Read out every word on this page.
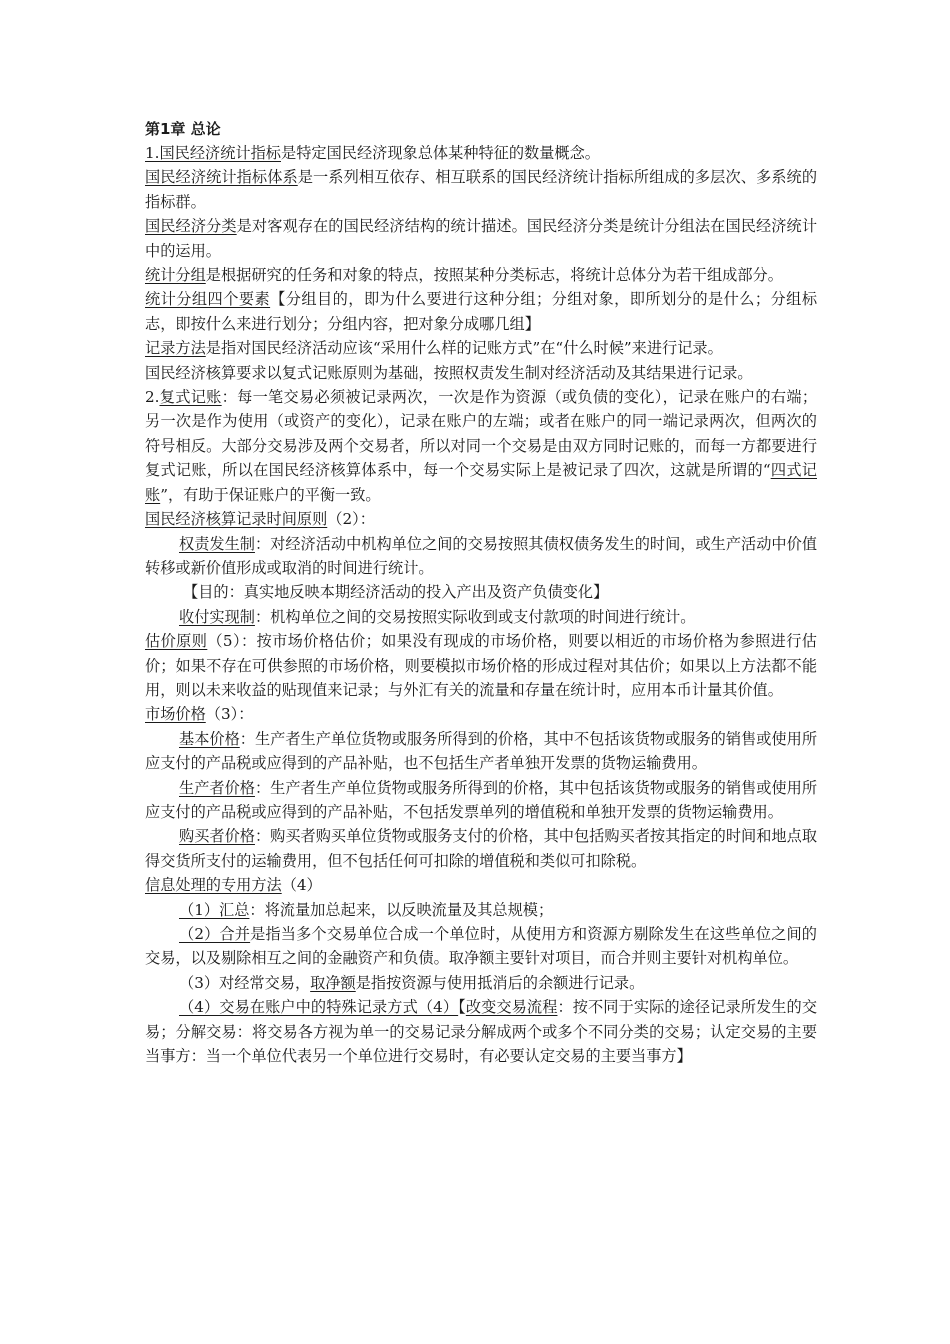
第1章 总论

1.国民经济统计指标是特定国民经济现象总体某种特征的数量概念。

国民经济统计指标体系是一系列相互依存、相互联系的国民经济统计指标所组成的多层次、多系统的指标群。

国民经济分类是对客观存在的国民经济结构的统计描述。国民经济分类是统计分组法在国民经济统计中的运用。

统计分组是根据研究的任务和对象的特点，按照某种分类标志，将统计总体分为若干组成部分。

统计分组四个要素【分组目的，即为什么要进行这种分组；分组对象，即所划分的是什么；分组标志，即按什么来进行划分；分组内容，把对象分成哪几组】

记录方法是指对国民经济活动应该“采用什么样的记账方式”在“什么时候”来进行记录。

国民经济核算要求以复式记账原则为基础，按照权责发生制对经济活动及其结果进行记录。

2.复式记账：每一笔交易必须被记录两次，一次是作为资源（或负债的变化），记录在账户的右端；另一次是作为使用（或资产的变化），记录在账户的左端；或者在账户的同一端记录两次，但两次的符号相反。大部分交易涉及两个交易者，所以对同一个交易是由双方同时记账的，而每一方都要进行复式记账，所以在国民经济核算体系中，每一个交易实际上是被记录了四次，这就是所谓的“四式记账”，有助于保证账户的平衡一致。

国民经济核算记录时间原则（2）：

权责发生制：对经济活动中机构单位之间的交易按照其债权债务发生的时间，或生产活动中价值转移或新价值形成或取消的时间进行统计。

【目的：真实地反映本期经济活动的投入产出及资产负债变化】

收付实现制：机构单位之间的交易按照实际收到或支付款项的时间进行统计。

估价原则（5）：按市场价格估价；如果没有现成的市场价格，则要以相近的市场价格为参照进行估价；如果不存在可供参照的市场价格，则要模拟市场价格的形成过程对其估价；如果以上方法都不能用，则以未来收益的贴现值来记录；与外汇有关的流量和存量在统计时，应用本币计量其价值。

市场价格（3）：

基本价格：生产者生产单位货物或服务所得到的价格，其中不包括该货物或服务的销售或使用所应支付的产品税或应得到的产品补贴，也不包括生产者单独开发票的货物运输费用。

生产者价格：生产者生产单位货物或服务所得到的价格，其中包括该货物或服务的销售或使用所应支付的产品税或应得到的产品补贴，不包括发票单列的增值税和单独开发票的货物运输费用。

购买者价格：购买者购买单位货物或服务支付的价格，其中包括购买者按其指定的时间和地点取得交货所支付的运输费用，但不包括任何可扣除的增值税和类似可扣除税。

信息处理的专用方法（4）

（1）汇总：将流量加总起来，以反映流量及其总规模；

（2）合并是指当多个交易单位合成一个单位时，从使用方和资源方剔除发生在这些单位之间的交易，以及剔除相互之间的金融资产和负债。取净额主要针对项目，而合并则主要针对机构单位。

（3）对经常交易，取净额是指按资源与使用抵消后的余额进行记录。

（4）交易在账户中的特殊记录方式（4）【改变交易流程：按不同于实际的途径记录所发生的交易；分解交易：将交易各方视为单一的交易记录分解成两个或多个不同分类的交易；认定交易的主要当事方：当一个单位代表另一个单位进行交易时，有必要认定交易的主要当事方】
